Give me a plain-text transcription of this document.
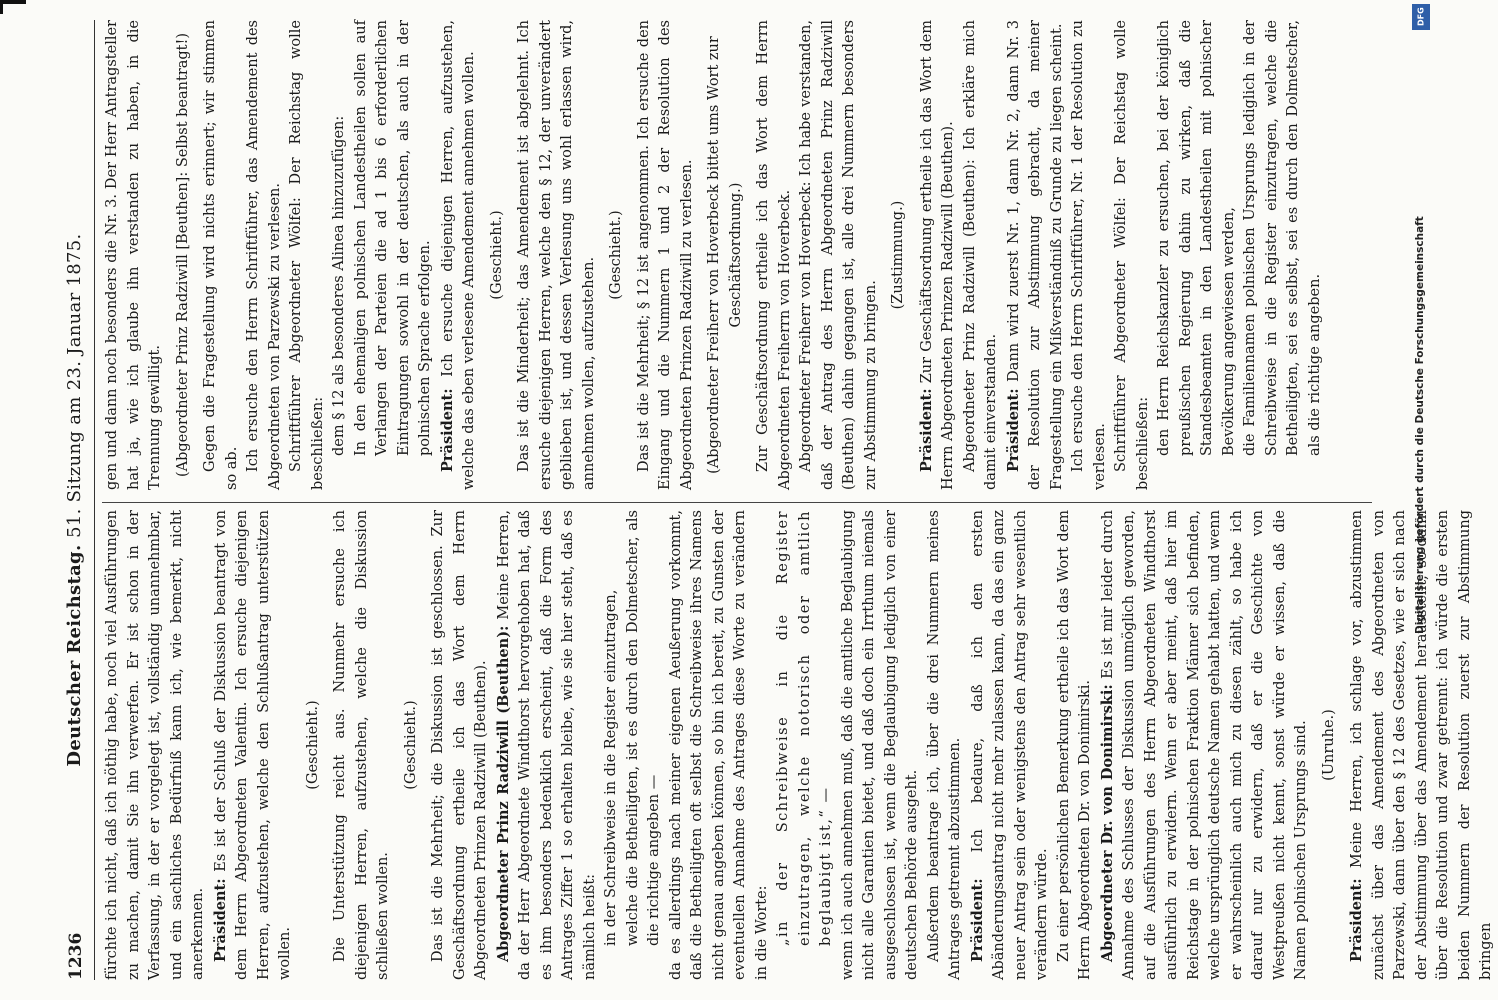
1236
Deutscher Reichstag. 51. Sitzung am 23. Januar 1875.

fürchte ich nicht, daß ich nöthig habe, noch viel Ausführungen zu machen, damit Sie ihn verwerfen. Er ist schon in der Verfassung, in der er vorgelegt ist, vollständig unannehmbar, und ein sachliches Bedürfniß kann ich, wie bemerkt, nicht anerkennen. Präsident: Es ist der Schluß der Diskussion beantragt von dem Herrn Abgeordneten Valentin. Ich ersuche diejenigen Herren, aufzustehen, welche den Schlußantrag unterstützen wollen.

(Geschieht.) Die Unterstützung reicht aus. Nunmehr ersuche ich diejenigen Herren, aufzustehen, welche die Diskussion schließen wollen.

(Geschieht.) Das ist die Mehrheit; die Diskussion ist geschlossen. Zur Geschäftsordnung ertheile ich das Wort dem Herrn Abgeordneten Prinzen Radziwill (Beuthen). Abgeordneter Prinz Radziwill (Beuthen): Meine Herren, da der Herr Abgeordnete Windthorst hervorgehoben hat, daß es ihm besonders bedenklich erscheint, daß die Form des Antrages Ziffer 1 so erhalten bleibe, wie sie hier steht, daß es nämlich heißt: in der Schreibweise in die Register einzutragen, welche die Betheiligten, ist es durch den Dolmetscher, als die richtige angeben — da es allerdings nach meiner eigenen Aeußerung vorkommt, daß die Betheiligten oft selbst die Schreibweise ihres Namens nicht genau angeben können, so bin ich bereit, zu Gunsten der eventuellen Annahme des Antrages diese Worte zu verändern in die Worte: „in der Schreibweise in die Register einzutragen, welche notorisch oder amtlich beglaubigt ist,“ — wenn ich auch annehmen muß, daß die amtliche Beglaubigung nicht alle Garantien bietet, und daß doch ein Irrthum niemals ausgeschlossen ist, wenn die Beglaubigung lediglich von einer deutschen Behörde ausgeht. Außerdem beantrage ich, über die drei Nummern meines Antrages getrennt abzustimmen. Präsident: Ich bedaure, daß ich den ersten Abänderungsantrag nicht mehr zulassen kann, da das ein ganz neuer Antrag sein oder wenigstens den Antrag sehr wesentlich verändern würde. Zu einer persönlichen Bemerkung ertheile ich das Wort dem Herrn Abgeordneten Dr. von Donimirski. Abgeordneter Dr. von Donimirski: Es ist mir leider durch Annahme des Schlusses der Diskussion unmöglich geworden, auf die Ausführungen des Herrn Abgeordneten Windthorst ausführlich zu erwidern. Wenn er aber meint, daß hier im Reichstage in der polnischen Fraktion Männer sich befinden, welche ursprünglich deutsche Namen gehabt hatten, und wenn er wahrscheinlich auch mich zu diesen zählt, so habe ich darauf nur zu erwidern, daß er die Geschichte von Westpreußen nicht kennt, sonst würde er wissen, daß die Namen polnischen Ursprungs sind. (Unruhe.)

Präsident: Meine Herren, ich schlage vor, abzustimmen zunächst über das Amendement des Abgeordneten von Parzewski, dann über den § 12 des Gesetzes, wie er sich nach der Abstimmung über das Amendement herausstellt, so-dann über die Resolution und zwar getrennt: ich würde die ersten beiden Nummern der Resolution zuerst zur Abstimmung bringen

gen und dann noch besonders die Nr. 3. Der Herr Antragsteller hat ja, wie ich glaube ihn verstanden zu haben, in die Trennung gewilligt. (Abgeordneter Prinz Radziwill [Beuthen]: Selbst beantragt!) Gegen die Fragestellung wird nichts erinnert; wir stimmen so ab. Ich ersuche den Herrn Schriftführer, das Amendement des Abgeordneten von Parzewski zu verlesen. Schriftführer Abgeordneter Wölfel: Der Reichstag wolle beschließen: dem § 12 als besonderes Alinea hinzuzufügen: In den ehemaligen polnischen Landestheilen sollen auf Verlangen der Parteien die ad 1 bis 6 erforderlichen Eintragungen sowohl in der deutschen, als auch in der polnischen Sprache erfolgen. Präsident: Ich ersuche diejenigen Herren, aufzustehen, welche das eben verlesene Amendement annehmen wollen. (Geschieht.) Das ist die Minderheit; das Amendement ist abgelehnt. Ich ersuche diejenigen Herren, welche den § 12, der unverändert geblieben ist, und dessen Verlesung uns wohl erlassen wird, annehmen wollen, aufzustehen.

(Geschieht.) Das ist die Mehrheit; § 12 ist angenommen. Ich ersuche den Eingang und die Nummern 1 und 2 der Resolution des Abgeordneten Prinzen Radziwill zu verlesen. (Abgeordneter Freiherr von Hoverbeck bittet ums Wort zur Geschäftsordnung.) Zur Geschäftsordnung ertheile ich das Wort dem Herrn Abgeordneten Freiherrn von Hoverbeck. Abgeordneter Freiherr von Hoverbeck: Ich habe verstanden, daß der Antrag des Herrn Abgeordneten Prinz Radziwill (Beuthen) dahin gegangen ist, alle drei Nummern besonders zur Abstimmung zu bringen.

(Zustimmung.)

Präsident: Zur Geschäftsordnung ertheile ich das Wort dem Herrn Abgeordneten Prinzen Radziwill (Beuthen). Abgeordneter Prinz Radziwill (Beuthen): Ich erkläre mich damit einverstanden. Präsident: Dann wird zuerst Nr. 1, dann Nr. 2, dann Nr. 3 der Resolution zur Abstimmung gebracht, da meiner Fragestellung ein Mißverständniß zu Grunde zu liegen scheint. Ich ersuche den Herrn Schriftführer, Nr. 1 der Resolution zu verlesen. Schriftführer Abgeordneter Wölfel: Der Reichstag wolle beschließen: den Herrn Reichskanzler zu ersuchen, bei der königlich preußischen Regierung dahin zu wirken, daß die Standesbeamten in den Landestheilen mit polnischer Bevölkerung angewiesen werden, die Familiennamen polnischen Ursprungs lediglich in der Schreibweise in die Register einzutragen, welche die Betheiligten, sei es selbst, sei es durch den Dolmetscher, als die richtige angeben.

DFG
Digitalisierung gefördert durch die Deutsche Forschungsgemeinschaft
